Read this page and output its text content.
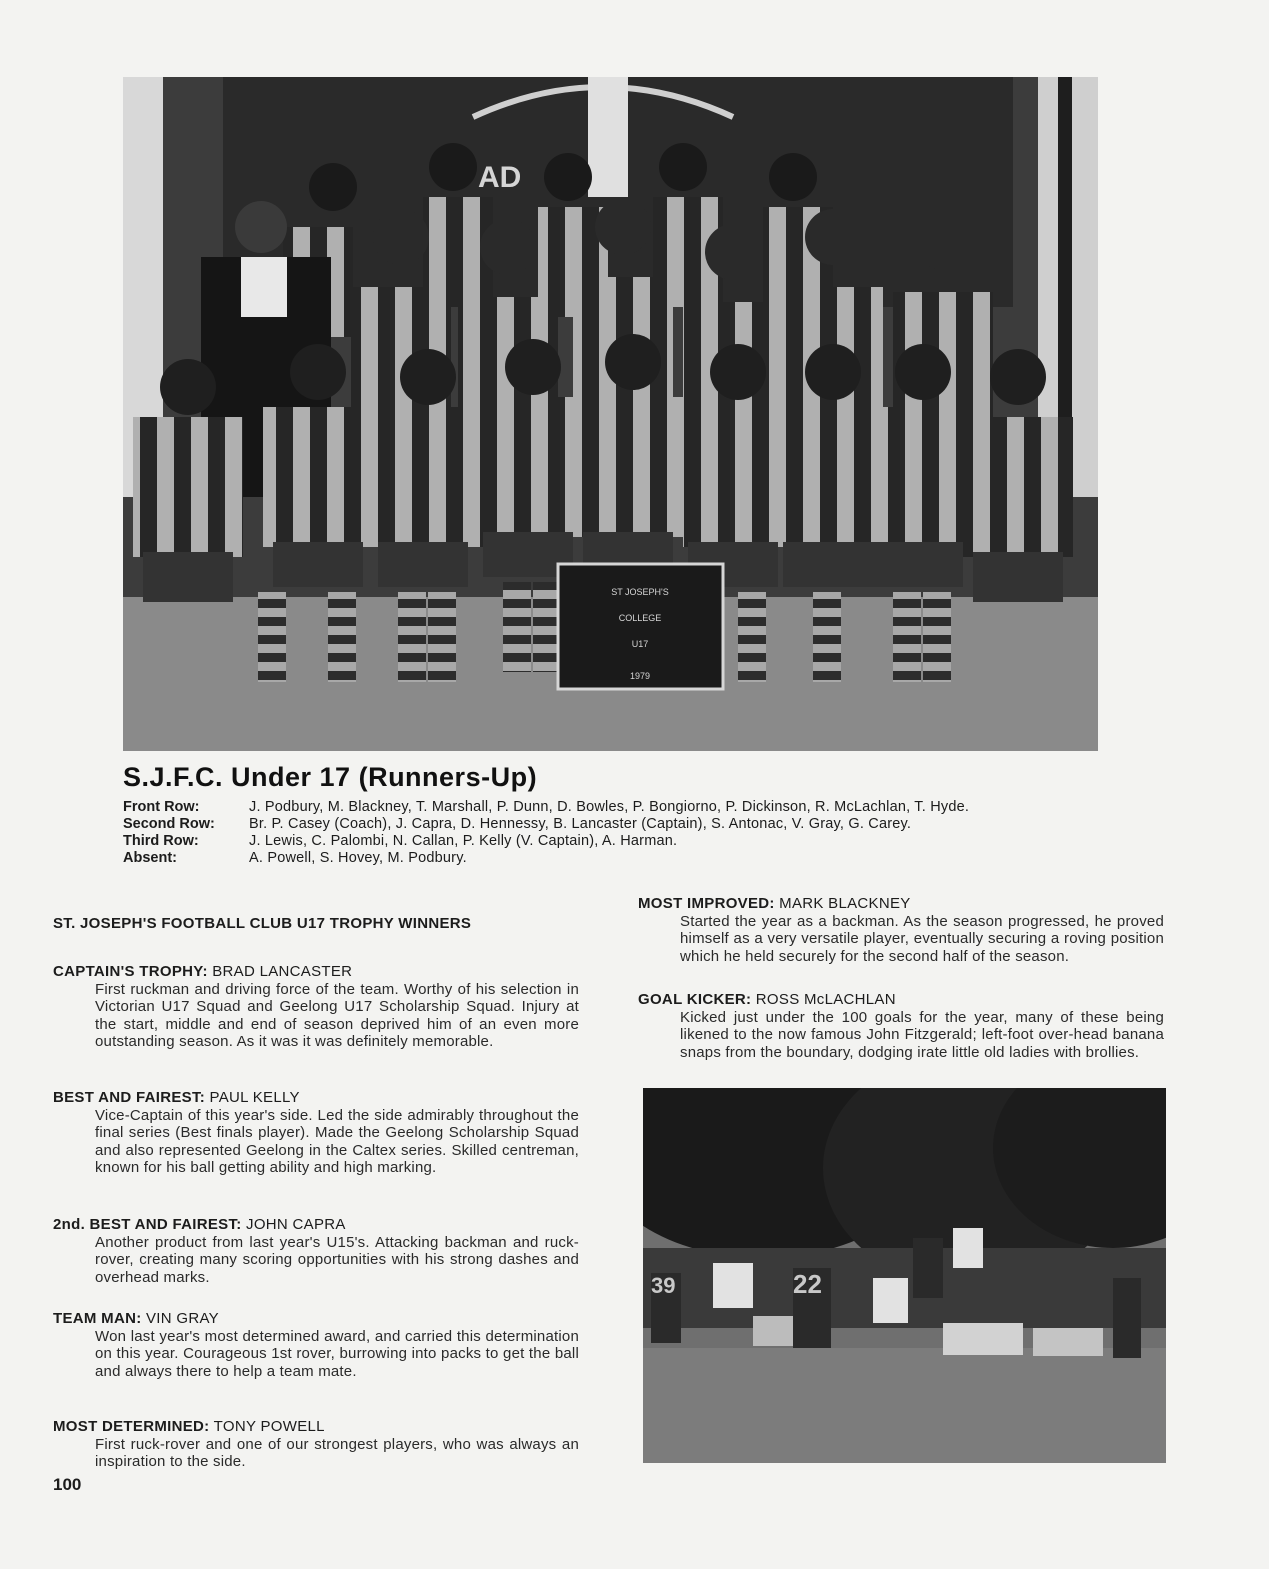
AD
ST JOSEPH'S
COLLEGE
U17
1979
S.J.F.C. Under 17 (Runners-Up)
Front Row:	J. Podbury, M. Blackney, T. Marshall, P. Dunn, D. Bowles, P. Bongiorno, P. Dickinson, R. McLachlan, T. Hyde.
Second Row:	Br. P. Casey (Coach), J. Capra, D. Hennessy, B. Lancaster (Captain), S. Antonac, V. Gray, G. Carey.
Third Row:	J. Lewis, C. Palombi, N. Callan, P. Kelly (V. Captain), A. Harman.
Absent:	A. Powell, S. Hovey, M. Podbury.
ST. JOSEPH'S FOOTBALL CLUB U17 TROPHY WINNERS
CAPTAIN'S TROPHY: BRAD LANCASTER
First ruckman and driving force of the team. Worthy of his selection in Victorian U17 Squad and Geelong U17 Scholarship Squad. Injury at the start, middle and end of season deprived him of an even more outstanding season. As it was it was definitely memorable.
BEST AND FAIREST: PAUL KELLY
Vice-Captain of this year's side. Led the side admirably throughout the final series (Best finals player). Made the Geelong Scholarship Squad and also represented Geelong in the Caltex series. Skilled centreman, known for his ball getting ability and high marking.
2nd. BEST AND FAIREST: JOHN CAPRA
Another product from last year's U15's. Attacking backman and ruck-rover, creating many scoring opportunities with his strong dashes and overhead marks.
TEAM MAN: VIN GRAY
Won last year's most determined award, and carried this determination on this year. Courageous 1st rover, burrowing into packs to get the ball and always there to help a team mate.
MOST DETERMINED: TONY POWELL
First ruck-rover and one of our strongest players, who was always an inspiration to the side.
MOST IMPROVED: MARK BLACKNEY
Started the year as a backman. As the season progressed, he proved himself as a very versatile player, eventually securing a roving position which he held securely for the second half of the season.
GOAL KICKER: ROSS McLACHLAN
Kicked just under the 100 goals for the year, many of these being likened to the now famous John Fitzgerald; left-foot over-head banana snaps from the boundary, dodging irate little old ladies with brollies.
39	22
100
